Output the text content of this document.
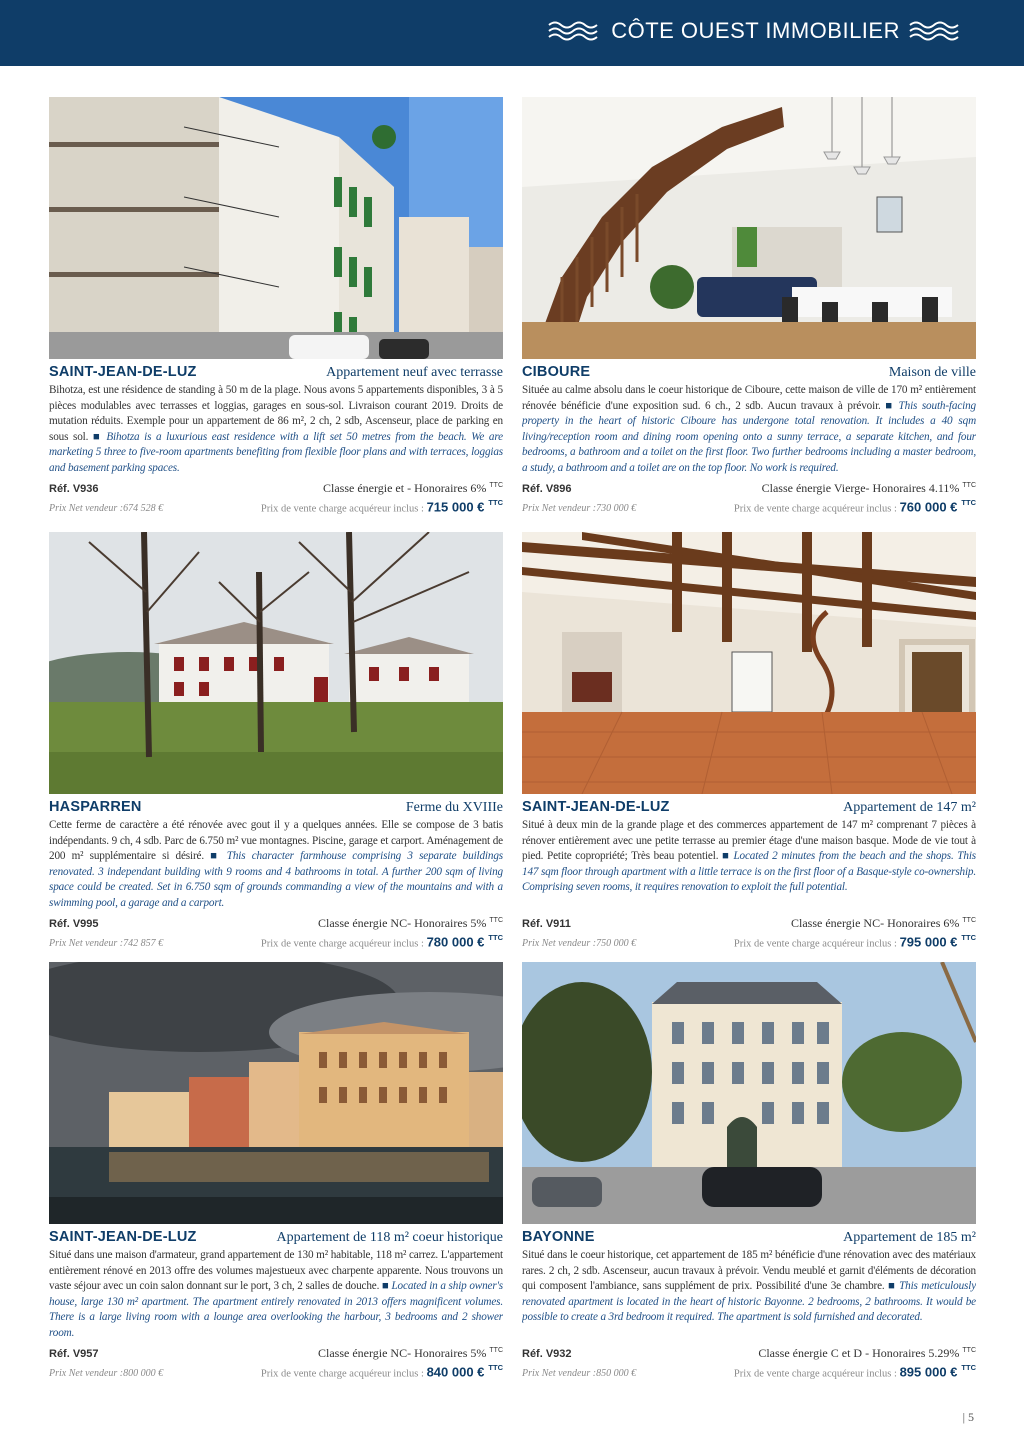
CÔTE OUEST IMMOBILIER
SAINT-JEAN-DE-LUZ	Appartement neuf avec terrasse
Bihotza, est une résidence de standing à 50 m de la plage. Nous avons 5 appartements disponibles, 3 à 5 pièces modulables avec terrasses et loggias, garages en sous-sol. Livraison courant 2019. Droits de mutation réduits. Exemple pour un appartement de 86 m², 2 ch, 2 sdb, Ascenseur, place de parking en sous sol. ■ Bihotza is a luxurious east residence with a lift set 50 metres from the beach. We are marketing 5 three to five-room apartments benefiting from flexible floor plans and with terraces, loggias and basement parking spaces.
Réf. V936	Classe énergie et - Honoraires 6% $^{TTC}$
Prix Net vendeur :674 528 €	Prix de vente charge acquéreur inclus : 715 000 € $^{TTC}$
CIBOURE	Maison de ville
Située au calme absolu dans le coeur historique de Ciboure, cette maison de ville de 170 m² entièrement rénovée bénéficie d'une exposition sud. 6 ch., 2 sdb. Aucun travaux à prévoir. ■ This south-facing property in the heart of historic Ciboure has undergone total renovation. It includes a 40 sqm living/reception room and dining room opening onto a sunny terrace, a separate kitchen, and four bedrooms, a bathroom and a toilet on the first floor. Two further bedrooms including a master bedroom, a study, a bathroom and a toilet are on the top floor. No work is required.
Réf. V896	Classe énergie Vierge- Honoraires 4.11% $^{TTC}$
Prix Net vendeur :730 000 €	Prix de vente charge acquéreur inclus : 760 000 € $^{TTC}$
HASPARREN	Ferme du XVIIIe
Cette ferme de caractère a été rénovée avec gout il y a quelques années. Elle se compose de 3 batis indépendants. 9 ch, 4 sdb. Parc de 6.750 m² vue montagnes. Piscine, garage et carport. Aménagement de 200 m² supplémentaire si désiré. ■ This character farmhouse comprising 3 separate buildings renovated. 3 independant building with 9 rooms and 4 bathrooms in total. A further 200 sqm of living space could be created. Set in 6.750 sqm of grounds commanding a view of the mountains and with a swimming pool, a garage and a carport.
Réf. V995	Classe énergie NC- Honoraires 5% $^{TTC}$
Prix Net vendeur :742 857 €	Prix de vente charge acquéreur inclus : 780 000 € $^{TTC}$
SAINT-JEAN-DE-LUZ	Appartement de 147 m²
Situé à deux min de la grande plage et des commerces appartement de 147 m² comprenant 7 pièces à rénover entièrement avec une petite terrasse au premier étage d'une maison basque. Mode de vie tout à pied. Petite copropriété; Très beau potentiel. ■ Located 2 minutes from the beach and the shops. This 147 sqm floor through apartment with a little terrace is on the first floor of a Basque-style co-ownership. Comprising seven rooms, it requires renovation to exploit the full potential.
Réf. V911	Classe énergie NC- Honoraires 6% $^{TTC}$
Prix Net vendeur :750 000 €	Prix de vente charge acquéreur inclus : 795 000 € $^{TTC}$
SAINT-JEAN-DE-LUZ	Appartement de 118 m² coeur historique
Situé dans une maison d'armateur, grand appartement de 130 m² habitable, 118 m² carrez. L'appartement entièrement rénové en 2013 offre des volumes majestueux avec charpente apparente. Nous trouvons un vaste séjour avec un coin salon donnant sur le port, 3 ch, 2 salles de douche. ■ Located in a ship owner's house, large 130 m² apartment. The apartment entirely renovated in 2013 offers magnificent volumes. There is a large living room with a lounge area overlooking the harbour, 3 bedrooms and 2 shower room.
Réf. V957	Classe énergie NC- Honoraires 5% $^{TTC}$
Prix Net vendeur :800 000 €	Prix de vente charge acquéreur inclus : 840 000 € $^{TTC}$
BAYONNE	Appartement de 185 m²
Situé dans le coeur historique, cet appartement de 185 m² bénéficie d'une rénovation avec des matériaux rares. 2 ch, 2 sdb. Ascenseur, aucun travaux à prévoir. Vendu meublé et garnit d'éléments de décoration qui composent l'ambiance, sans supplément de prix. Possibilité d'une 3e chambre. ■ This meticulously renovated apartment is located in the heart of historic Bayonne. 2 bedrooms, 2 bathrooms. It would be possible to create a 3rd bedroom it required. The apartment is sold furnished and decorated.
Réf. V932	Classe énergie C et D - Honoraires 5.29% $^{TTC}$
Prix Net vendeur :850 000 €	Prix de vente charge acquéreur inclus : 895 000 € $^{TTC}$
| 5
